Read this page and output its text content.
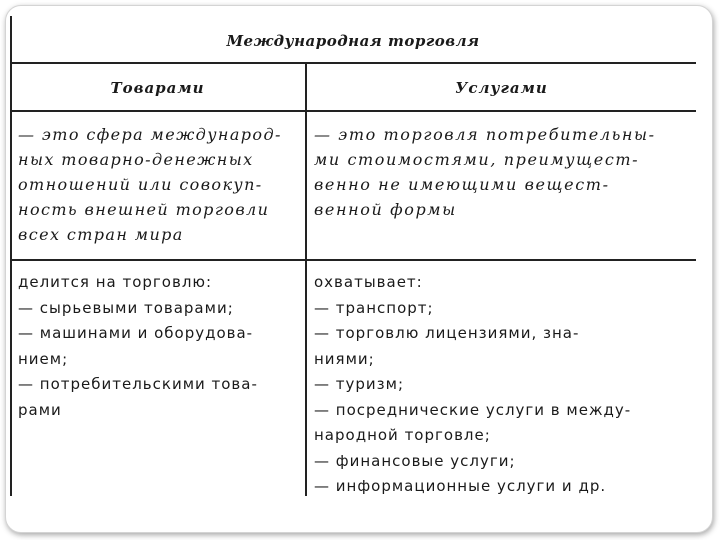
Международная торговля
Товарами	Услугами
— это сфера международ-
ных товарно-денежных
отношений или совокуп-
ность внешней торговли
всех стран мира
— это торговля потребительны-
ми стоимостями, преимущест-
венно не имеющими вещест-
венной формы
делится на торговлю:
— сырьевыми товарами;
— машинами и оборудова-
нием;
— потребительскими това-
рами
охватывает:
— транспорт;
— торговлю лицензиями, зна-
ниями;
— туризм;
— посреднические услуги в между-
народной торговле;
— финансовые услуги;
— информационные услуги и др.
